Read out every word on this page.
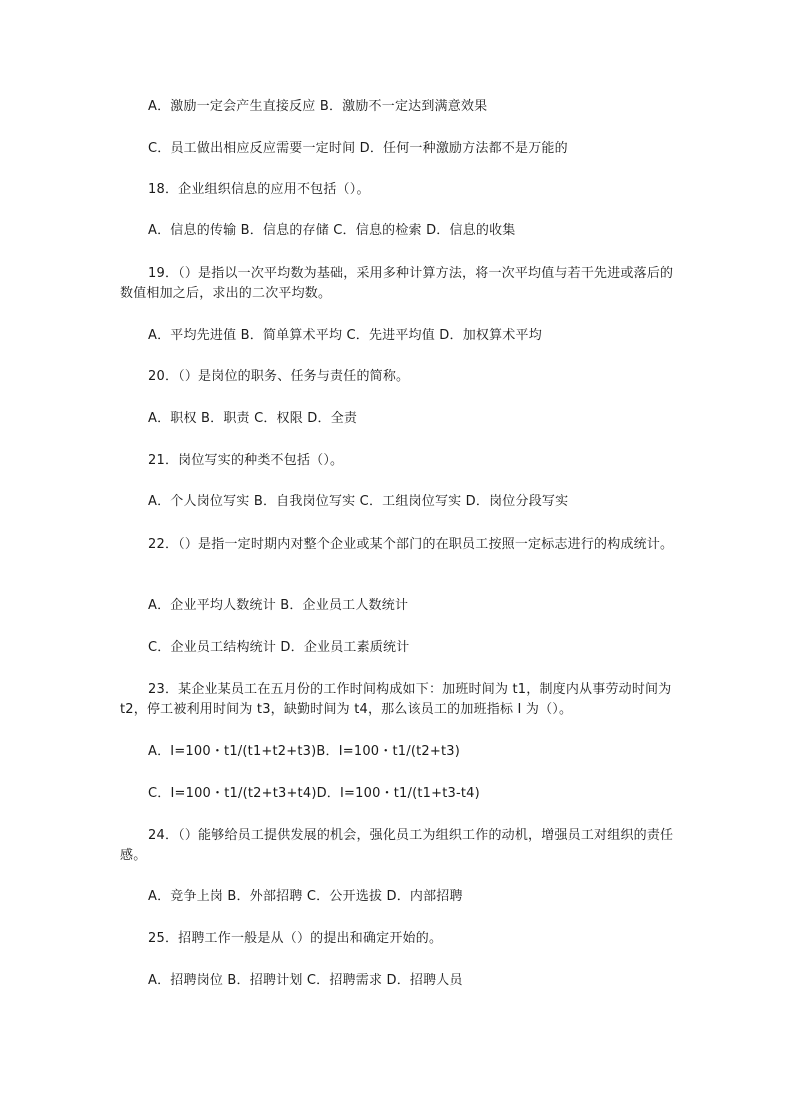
A．激励一定会产生直接反应 B．激励不一定达到满意效果
C．员工做出相应反应需要一定时间 D．任何一种激励方法都不是万能的
18．企业组织信息的应用不包括（）。
A．信息的传输 B．信息的存储 C．信息的检索 D．信息的收集
19．（）是指以一次平均数为基础，采用多种计算方法，将一次平均值与若干先进或落后的数值相加之后，求出的二次平均数。
A．平均先进值 B．简单算术平均 C．先进平均值 D．加权算术平均
20．（）是岗位的职务、任务与责任的简称。
A．职权 B．职责 C．权限 D．全责
21．岗位写实的种类不包括（）。
A．个人岗位写实 B．自我岗位写实 C．工组岗位写实 D．岗位分段写实
22．（）是指一定时期内对整个企业或某个部门的在职员工按照一定标志进行的构成统计。
A．企业平均人数统计 B．企业员工人数统计
C．企业员工结构统计 D．企业员工素质统计
23．某企业某员工在五月份的工作时间构成如下：加班时间为 t1，制度内从事劳动时间为 t2，停工被利用时间为 t3，缺勤时间为 t4，那么该员工的加班指标 I 为（）。
A．I=100・t1/(t1+t2+t3)B．I=100・t1/(t2+t3)
C．I=100・t1/(t2+t3+t4)D．I=100・t1/(t1+t3-t4)
24．（）能够给员工提供发展的机会，强化员工为组织工作的动机，增强员工对组织的责任感。
A．竞争上岗 B．外部招聘 C．公开选拔 D．内部招聘
25．招聘工作一般是从（）的提出和确定开始的。
A．招聘岗位 B．招聘计划 C．招聘需求 D．招聘人员
